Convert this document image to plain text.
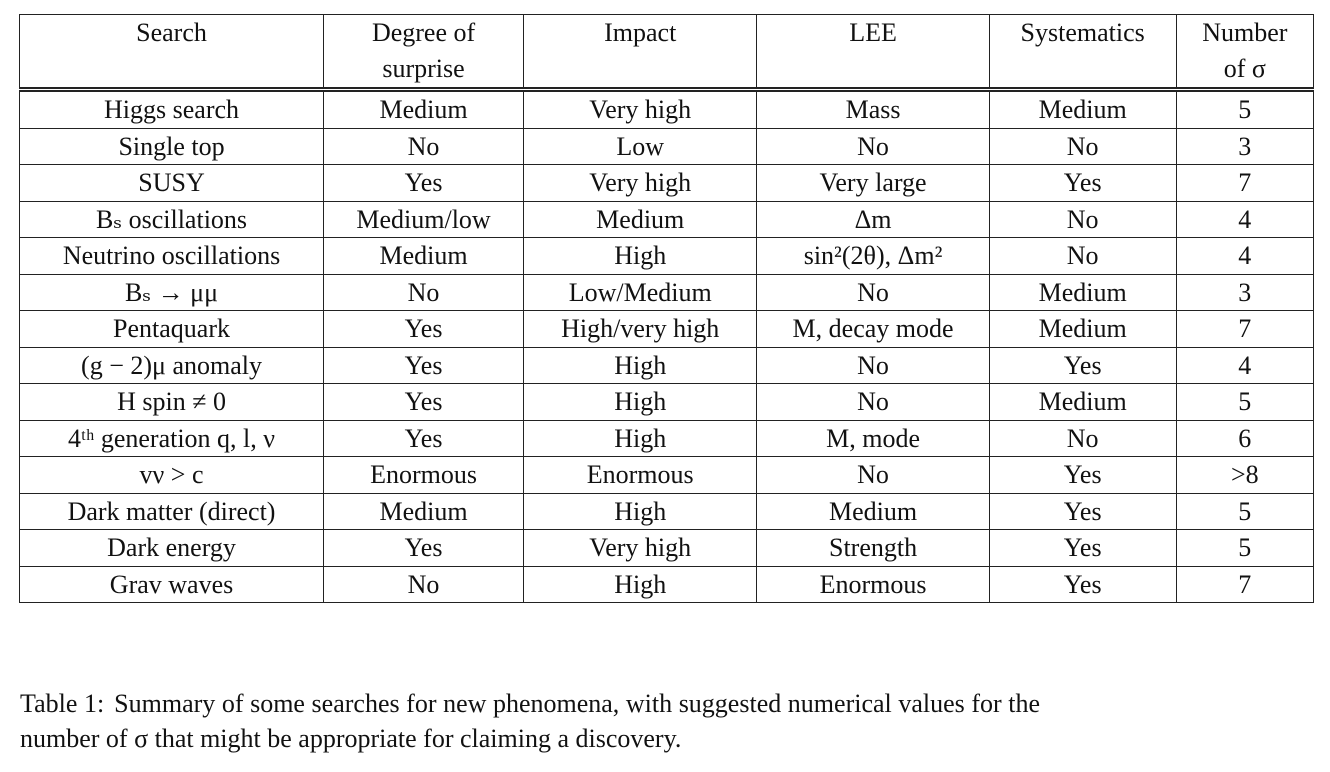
Search	Degree of surprise	Impact	LEE	Systematics	Number of σ
Higgs search	Medium	Very high	Mass	Medium	5
Single top	No	Low	No	No	3
SUSY	Yes	Very high	Very large	Yes	7
Bₛ oscillations	Medium/low	Medium	Δm	No	4
Neutrino oscillations	Medium	High	sin²(2θ), Δm²	No	4
Bₛ → μμ	No	Low/Medium	No	Medium	3
Pentaquark	Yes	High/very high	M, decay mode	Medium	7
(g − 2)μ anomaly	Yes	High	No	Yes	4
H spin ≠ 0	Yes	High	No	Medium	5
4ᵗʰ generation q, l, ν	Yes	High	M, mode	No	6
vν > c	Enormous	Enormous	No	Yes	>8
Dark matter (direct)	Medium	High	Medium	Yes	5
Dark energy	Yes	Very high	Strength	Yes	5
Grav waves	No	High	Enormous	Yes	7

Table 1: Summary of some searches for new phenomena, with suggested numerical values for the number of σ that might be appropriate for claiming a discovery.
